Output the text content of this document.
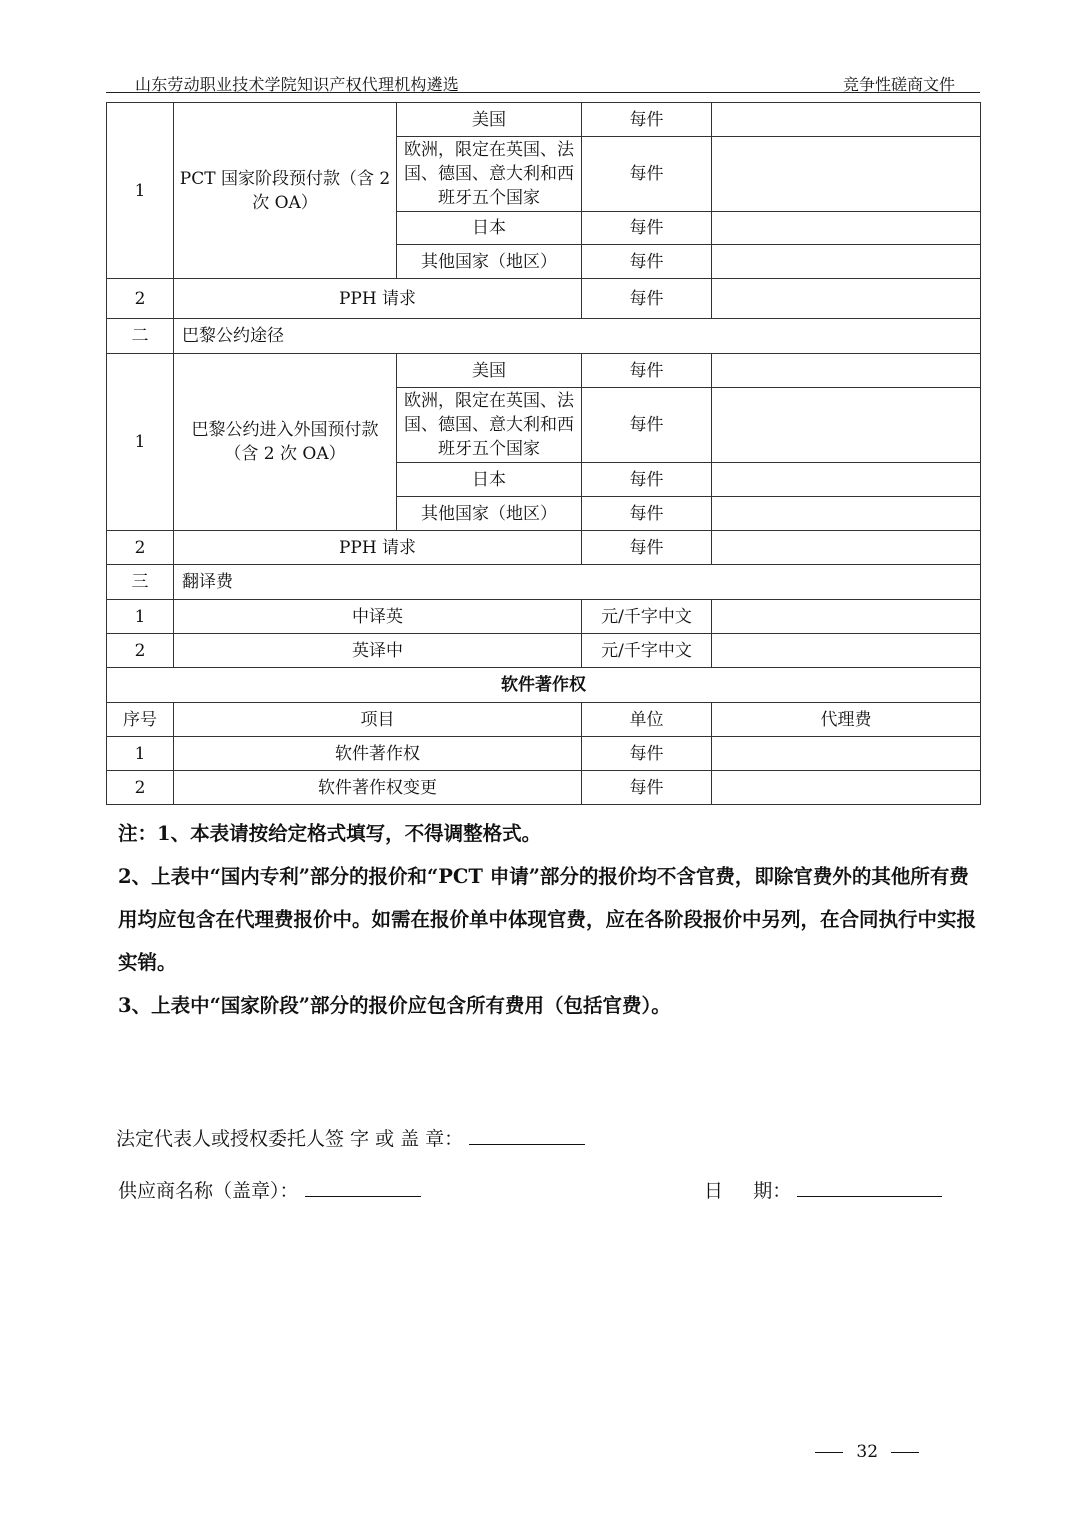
山东劳动职业技术学院知识产权代理机构遴选	竞争性磋商文件
1	PCT 国家阶段预付款（含 2 次 OA）	美国	每件	
		欧洲，限定在英国、法国、德国、意大利和西班牙五个国家	每件	
		日本	每件	
		其他国家（地区）	每件	
2	PPH 请求		每件	
二	巴黎公约途径			
1	巴黎公约进入外国预付款（含 2 次 OA）	美国	每件	
		欧洲，限定在英国、法国、德国、意大利和西班牙五个国家	每件	
		日本	每件	
		其他国家（地区）	每件	
2	PPH 请求		每件	
三	翻译费			
1	中译英		元/千字中文	
2	英译中		元/千字中文	
软件著作权				
序号	项目		单位	代理费
1	软件著作权		每件	
2	软件著作权变更		每件	

注：1、本表请按给定格式填写，不得调整格式。

2、上表中“国内专利”部分的报价和“PCT 申请”部分的报价均不含官费，即除官费外的其他所有费用均应包含在代理费报价中。如需在报价单中体现官费，应在各阶段报价中另列，在合同执行中实报实销。

3、上表中“国家阶段”部分的报价应包含所有费用（包括官费）。

法定代表人或授权委托人签 字 或 盖 章：
供应商名称（盖章）：	日     期：
32
